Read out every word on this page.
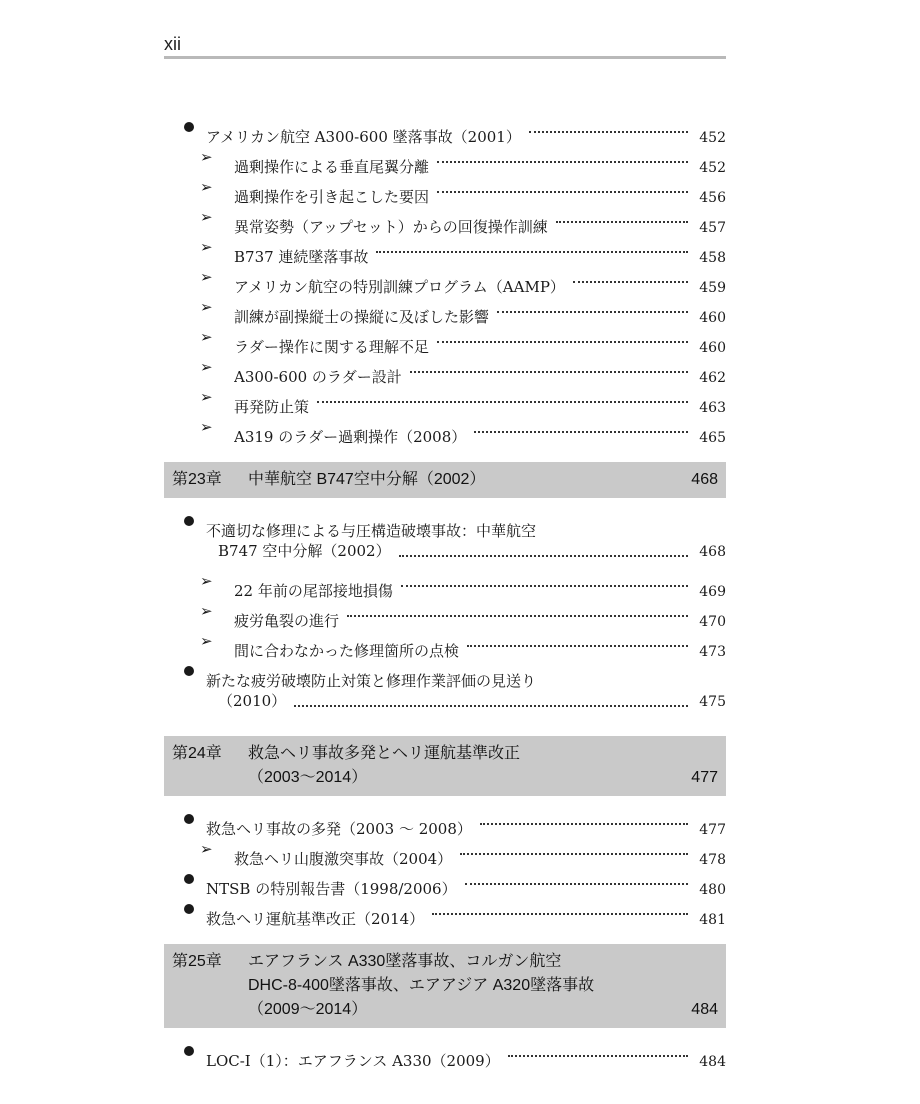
xii
アメリカン航空 A300-600 墜落事故（2001）	452
➢
過剰操作による垂直尾翼分離	452
➢
過剰操作を引き起こした要因	456
➢
異常姿勢（アップセット）からの回復操作訓練	457
➢
B737 連続墜落事故	458
➢
アメリカン航空の特別訓練プログラム（AAMP）	459
➢
訓練が副操縦士の操縦に及ぼした影響	460
➢
ラダー操作に関する理解不足	460
➢
A300-600 のラダー設計	462
➢
再発防止策	463
➢
A319 のラダー過剰操作（2008）	465
第23章	中華航空 B747空中分解（2002）	468
不適切な修理による与圧構造破壊事故：中華航空
B747 空中分解（2002）	468
➢
22 年前の尾部接地損傷	469
➢
疲労亀裂の進行	470
➢
間に合わなかった修理箇所の点検	473
新たな疲労破壊防止対策と修理作業評価の見送り
（2010）	475
第24章	救急ヘリ事故多発とヘリ運航基準改正
（2003～2014）	477
救急ヘリ事故の多発（2003 ～ 2008）	477
➢
救急ヘリ山腹激突事故（2004）	478
NTSB の特別報告書（1998/2006）	480
救急ヘリ運航基準改正（2014）	481
第25章	エアフランス A330墜落事故、コルガン航空
DHC-8-400墜落事故、エアアジア A320墜落事故
（2009～2014）	484
LOC-I（1）：エアフランス A330（2009）	484
